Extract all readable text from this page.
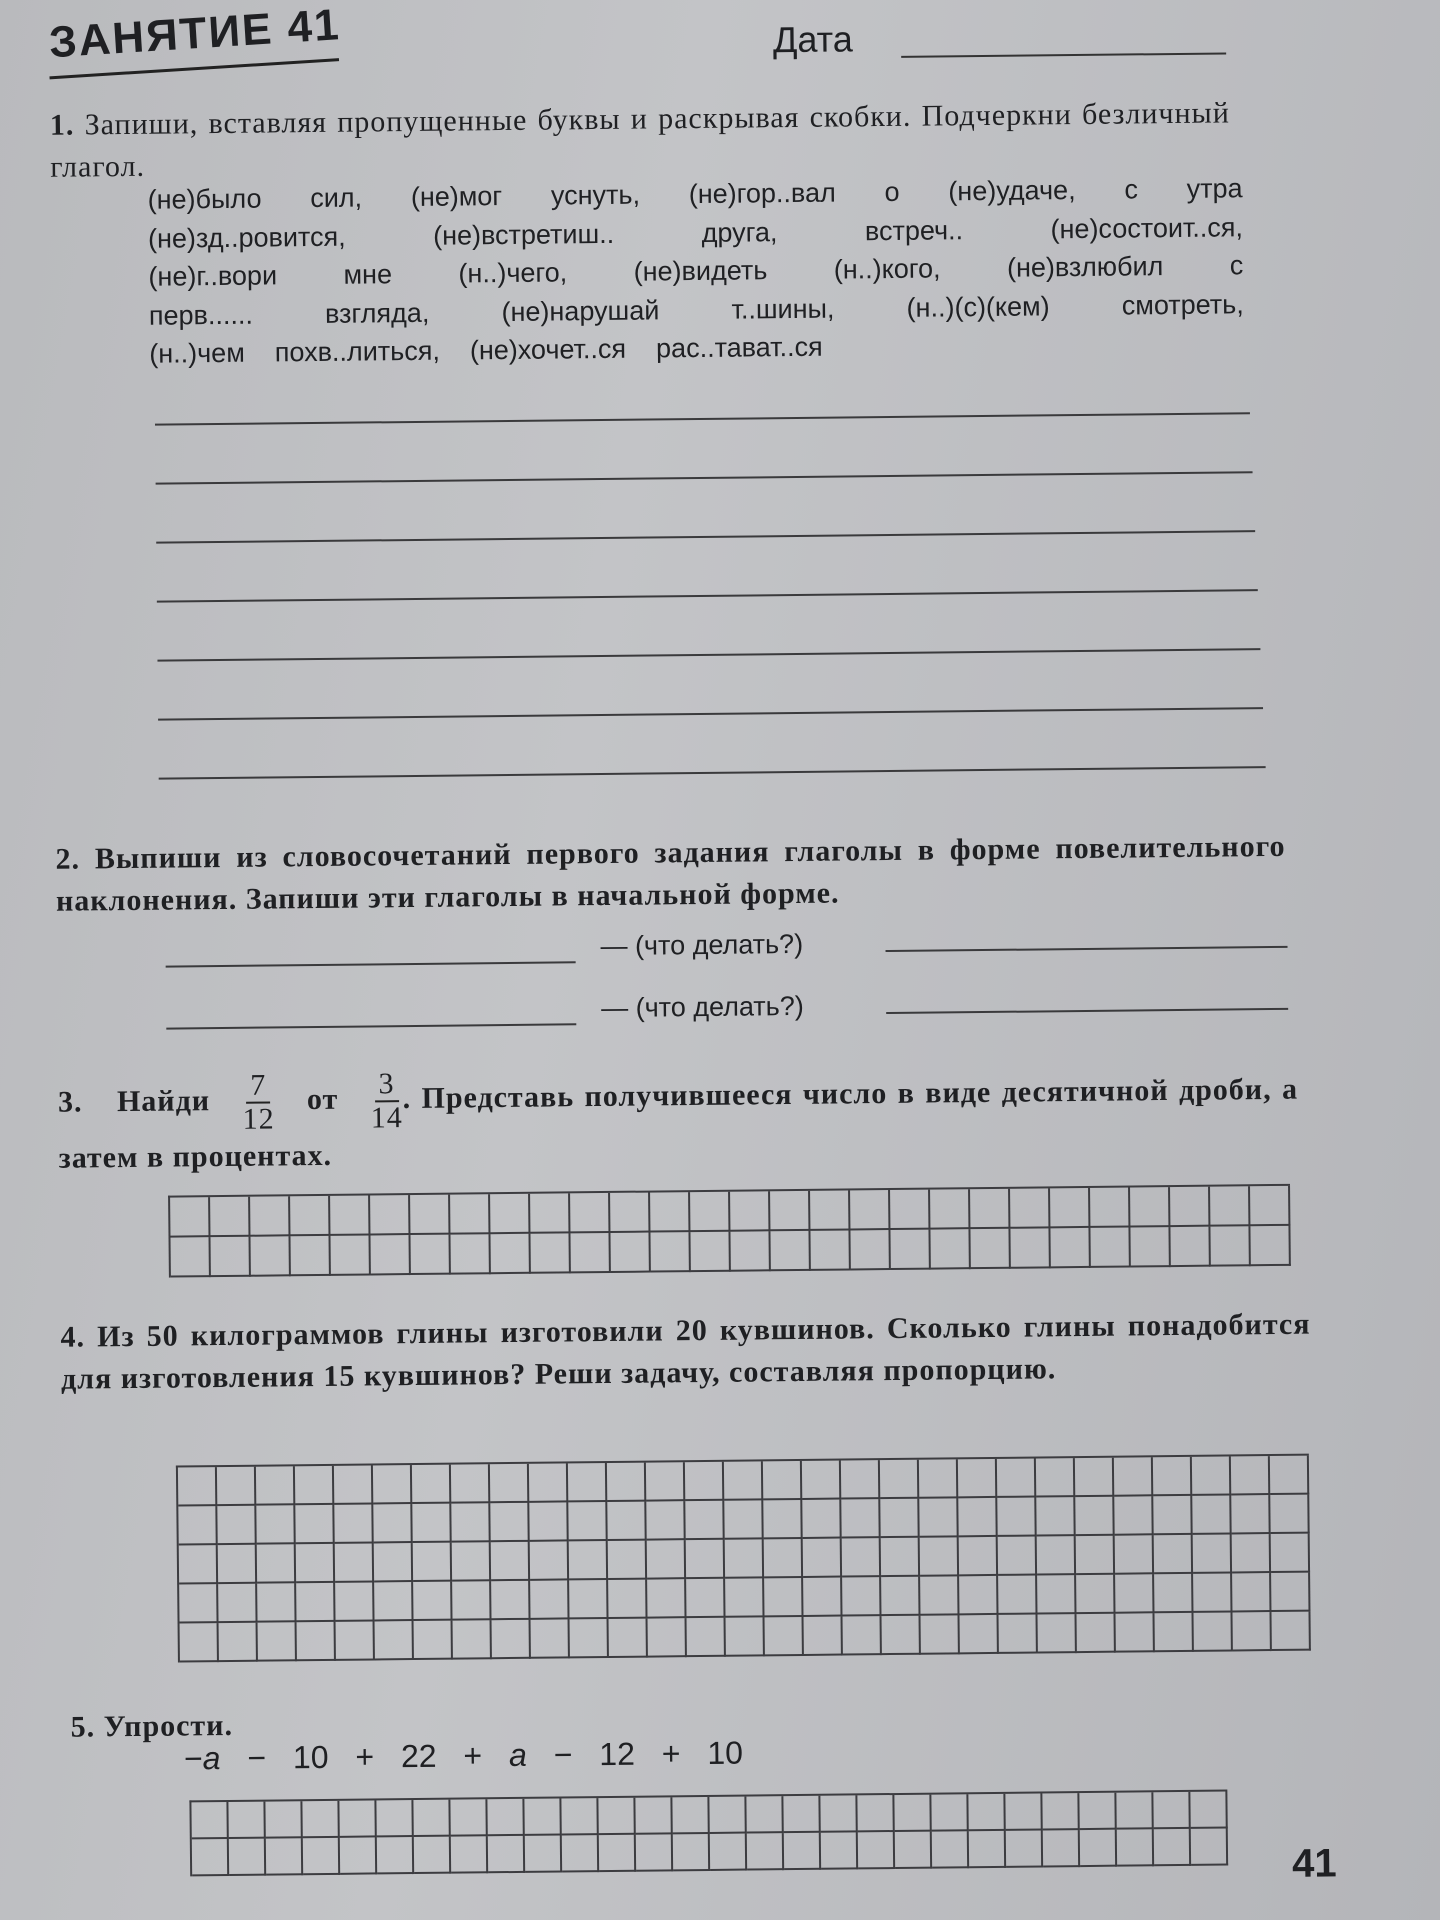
ЗАНЯТИЕ 41	Дата
1. Запиши, вставляя пропущенные буквы и раскрывая скобки. Подчеркни безличный глагол.
(не)было сил, (не)мог уснуть, (не)гор..вал о (не)удаче, с утра
(не)зд..ровится,	(не)встретиш..	друга,	встреч..	(не)состоит..ся,
(не)г..вори мне (н..)чего, (не)видеть (н..)кого, (не)взлюбил с
перв......	взгляда,	(не)нарушай	т..шины,	(н..)(с)(кем)	смотреть,
(н..)чем похв..литься, (не)хочет..ся рас..тават..ся
2. Выпиши из словосочетаний первого задания глаголы в форме повелительного наклонения. Запиши эти глаголы в начальной форме.
— (что делать?)
— (что делать?)
3. Найди $\frac{7}{12}$ от $\frac{3}{14}$ . Представь получившееся число в виде десятичной дроби, а затем в процентах.
4. Из 50 килограммов глины изготовили 20 кувшинов. Сколько глины понадобится для изготовления 15 кувшинов? Реши задачу, составляя пропорцию.
5. Упрости.
−a − 10 + 22 + a − 12 + 10
41
